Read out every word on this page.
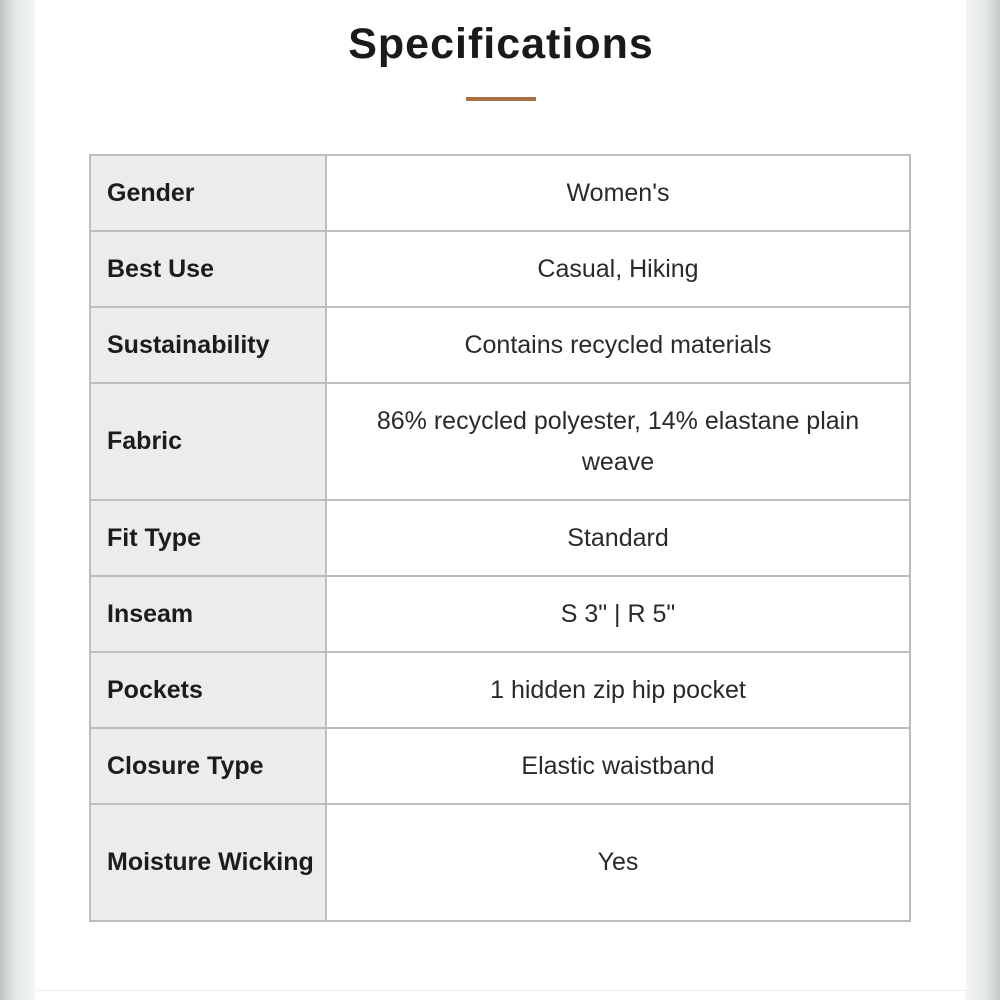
Specifications
Gender	Women's
Best Use	Casual, Hiking
Sustainability	Contains recycled materials
Fabric	86% recycled polyester, 14% elastane plain weave
Fit Type	Standard
Inseam	S 3" | R 5"
Pockets	1 hidden zip hip pocket
Closure Type	Elastic waistband
Moisture Wicking	Yes
